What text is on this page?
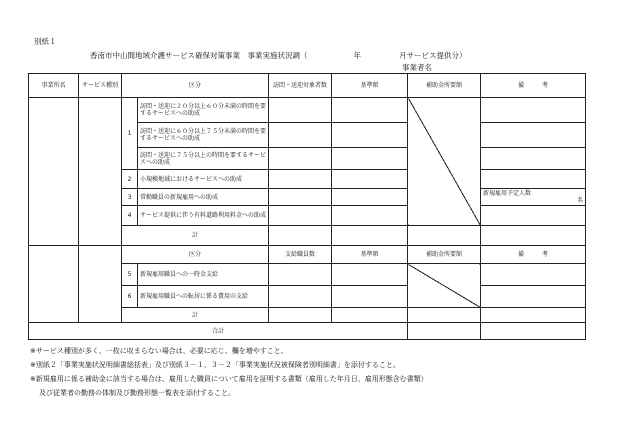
別紙１
香南市中山間地域介護サービス確保対策事業　事業実施状況調（	年	月サービス提供分）
事業者名
事業所名	サービス種別	区分		訪問・送迎対象者数	基準額	補助金所要額	備　　　考
		1	訪問・送迎に２０分以上６０分未満の時間を要するサービスへの助成				
			訪問・送迎に６０分以上７５分未満の時間を要するサービスへの助成				
			訪問・送迎に７５分以上の時間を要するサービスへの助成				
		2	小規模地域におけるサービスへの助成				
		3	常勤職員の新規雇用への助成				新規雇用予定人数
名

		4	サービス提供に伴う有料道路利用料金への助成				
		計					
		区分		支給職員数	基準額	補助金所要額	備　　　考
		5	新規雇用職員への一時金支給				
		6	新規雇用職員への転居に係る費用の支給				
		計					
合計							

※サービス種別が多く、一枚に収まらない場合は、必要に応じ、欄を増やすこと。

※別紙２「事業実施状況明細書総括表」及び別紙３－１、３－２「事業実施状況被保険者別明細書」を添付すること。

※新規雇用に係る補助金に該当する場合は、雇用した職員について雇用を証明する書類（雇用した年月日、雇用形態含む書類）

及び従業者の勤務の体制及び勤務形態一覧表を添付すること。
